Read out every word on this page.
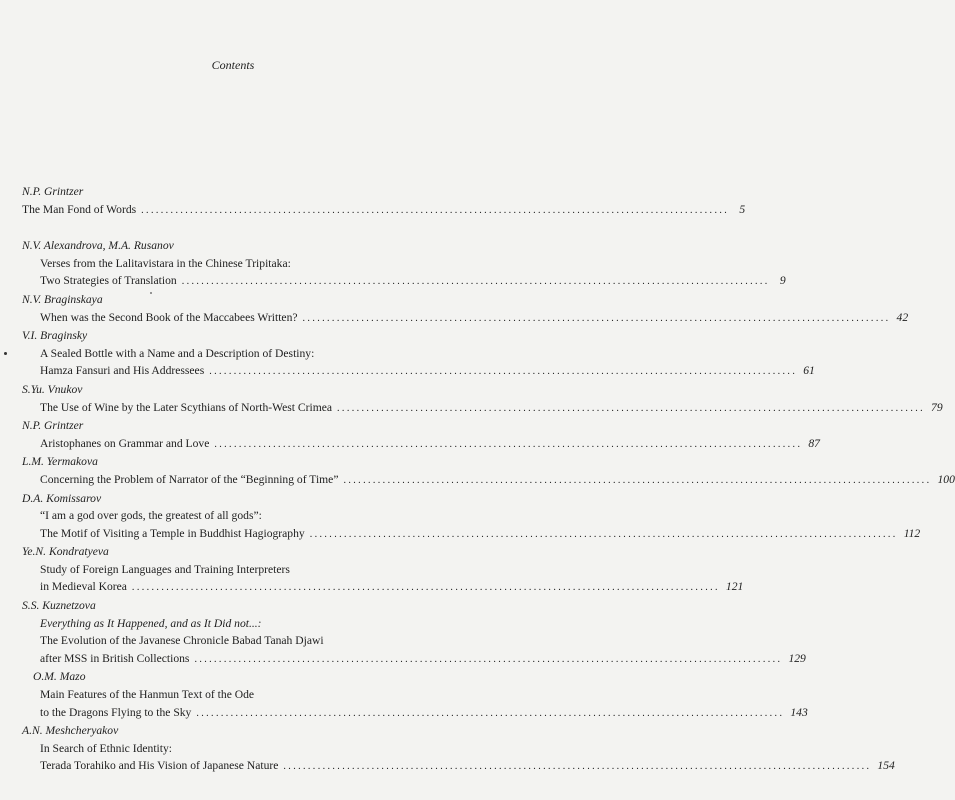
Contents
N.P. Grintzer
The Man Fond of Words ........................................................................................................................ 5
N.V. Alexandrova, M.A. Rusanov
Verses from the Lalitavistara in the Chinese Tripitaka:
Two Strategies of Translation ........................................................................................................................ 9
N.V. Braginskaya
When was the Second Book of the Maccabees Written? ........................................................................................................................ 42
V.I. Braginsky
A Sealed Bottle with a Name and a Description of Destiny:
Hamza Fansuri and His Addressees ........................................................................................................................ 61
S.Yu. Vnukov
The Use of Wine by the Later Scythians of North-West Crimea ........................................................................................................................ 79
N.P. Grintzer
Aristophanes on Grammar and Love ........................................................................................................................ 87
L.M. Yermakova
Concerning the Problem of Narrator of the “Beginning of Time” ........................................................................................................................ 100
D.A. Komissarov
“I am a god over gods, the greatest of all gods”:
The Motif of Visiting a Temple in Buddhist Hagiography ........................................................................................................................ 112
Ye.N. Kondratyeva
Study of Foreign Languages and Training Interpreters
in Medieval Korea ........................................................................................................................ 121
S.S. Kuznetzova
Everything as It Happened, and as It Did not...:
The Evolution of the Javanese Chronicle Babad Tanah Djawi
after MSS in British Collections ........................................................................................................................ 129
O.M. Mazo
Main Features of the Hanmun Text of the Ode
to the Dragons Flying to the Sky ........................................................................................................................ 143
A.N. Meshcheryakov
In Search of Ethnic Identity:
Terada Torahiko and His Vision of Japanese Nature ........................................................................................................................ 154
